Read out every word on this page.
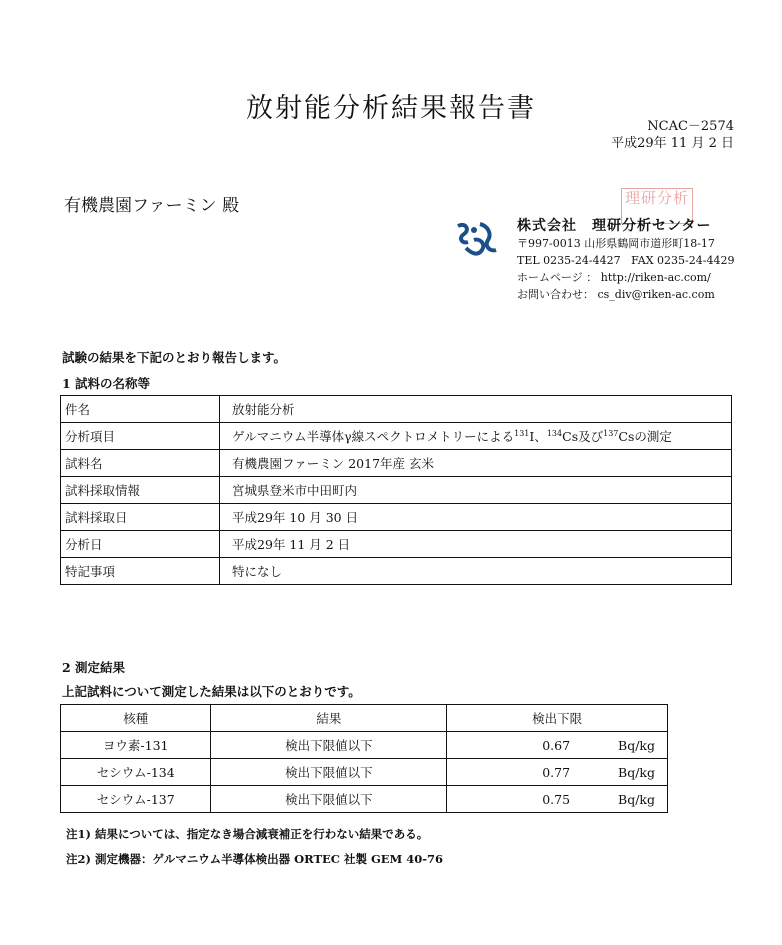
放射能分析結果報告書
NCAC－2574
平成29年 11 月 2 日
有機農園ファーミン 殿	理研分析
株式会社　理研分析センター
〒997-0013 山形県鶴岡市道形町18-17
TEL 0235-24-4427 FAX 0235-24-4429
ホームページ ： http://riken-ac.com/
お問い合わせ： cs_div@riken-ac.com
試験の結果を下記のとおり報告します。
1 試料の名称等
件名	放射能分析
分析項目	ゲルマニウム半導体γ線スペクトロメトリーによる$^{131}$I、$^{134}$Cs及び$^{137}$Csの測定
試料名	有機農園ファーミン 2017年産 玄米
試料採取情報	宮城県登米市中田町内
試料採取日	平成29年 10 月 30 日
分析日	平成29年 11 月 2 日
特記事項	特になし
2 測定結果
上記試料について測定した結果は以下のとおりです。
核種	結果	検出下限
ヨウ素-131	検出下限値以下	0.67 Bq/kg

セシウム-134	検出下限値以下	0.77 Bq/kg

セシウム-137	検出下限値以下	0.75 Bq/kg
注1) 結果については、指定なき場合減衰補正を行わない結果である。
注2) 測定機器：ゲルマニウム半導体検出器 ORTEC 社製 GEM 40-76
